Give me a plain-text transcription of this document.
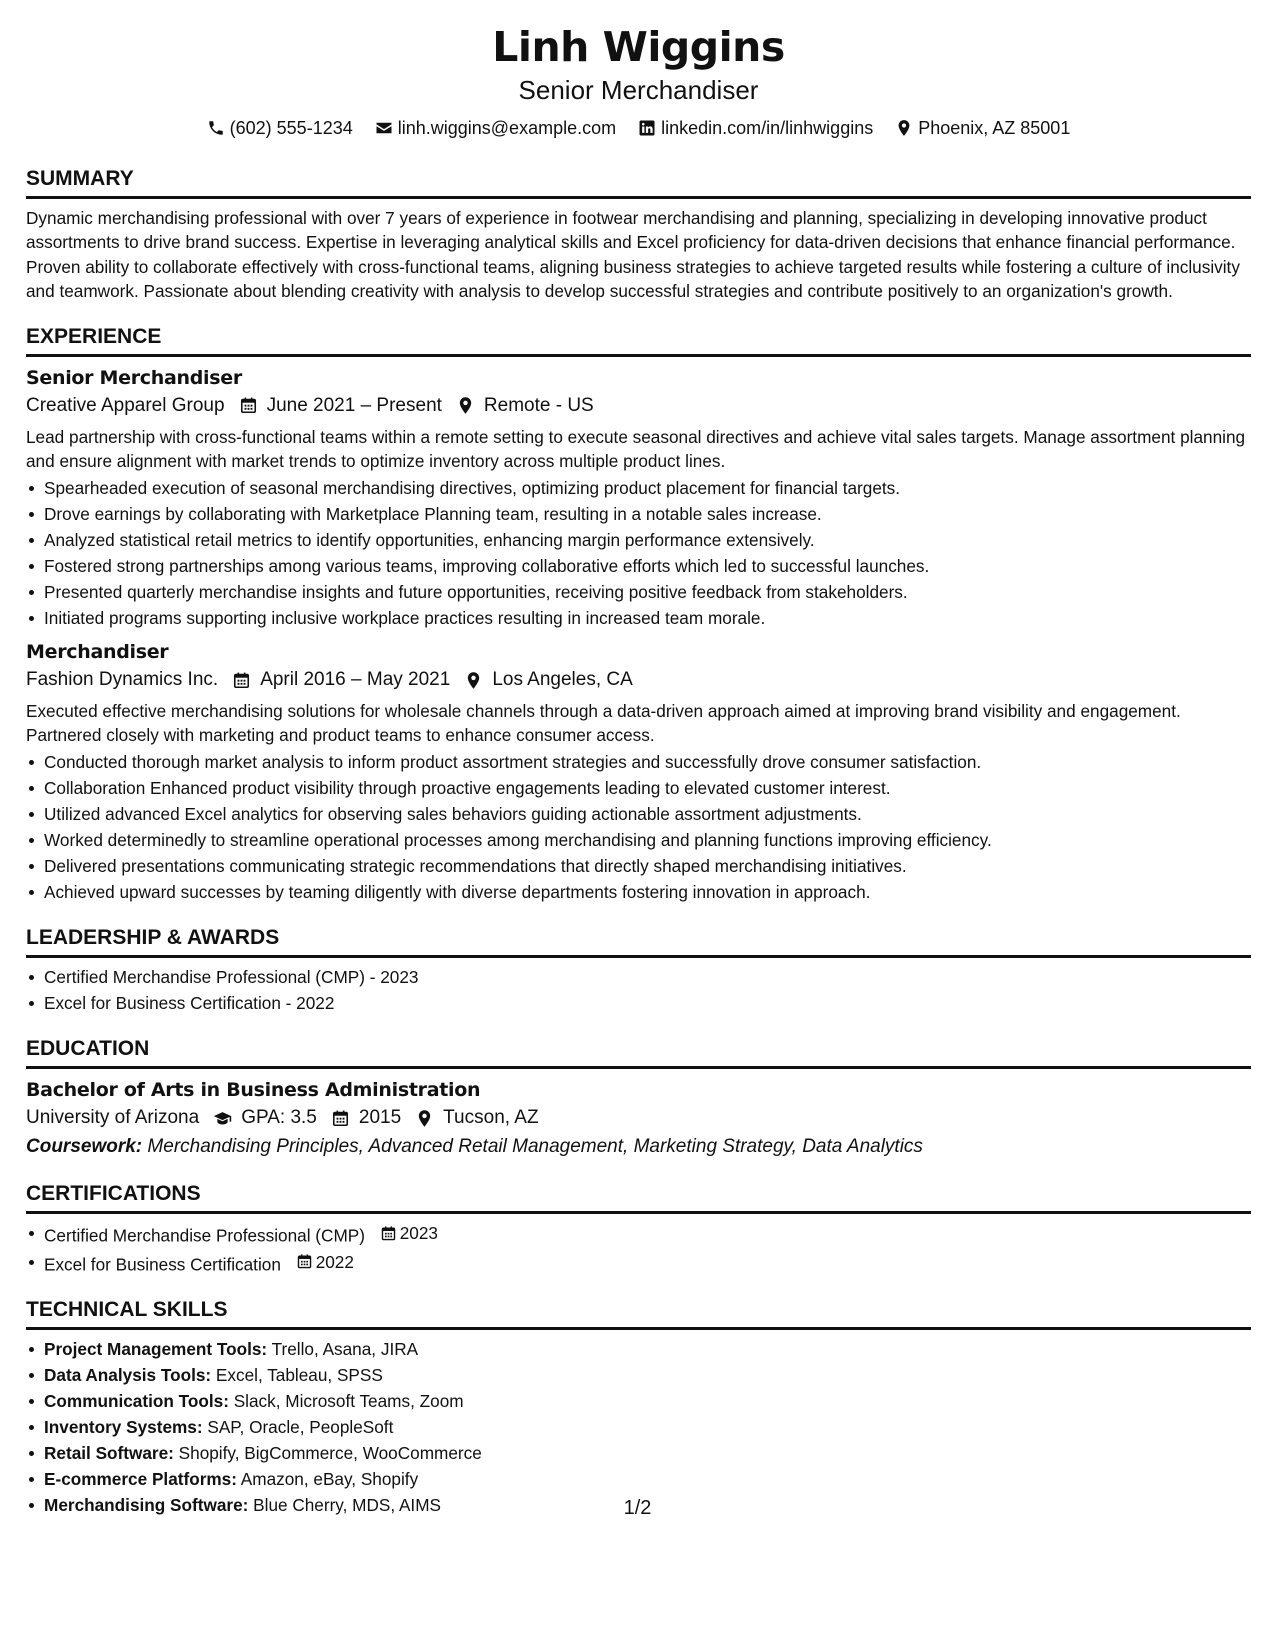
Linh Wiggins
Senior Merchandiser
(602) 555-1234	linh.wiggins@example.com	linkedin.com/in/linhwiggins	Phoenix, AZ 85001
SUMMARY
Dynamic merchandising professional with over 7 years of experience in footwear merchandising and planning, specializing in developing innovative product assortments to drive brand success. Expertise in leveraging analytical skills and Excel proficiency for data-driven decisions that enhance financial performance. Proven ability to collaborate effectively with cross-functional teams, aligning business strategies to achieve targeted results while fostering a culture of inclusivity and teamwork. Passionate about blending creativity with analysis to develop successful strategies and contribute positively to an organization's growth.
EXPERIENCE
Senior Merchandiser
Creative Apparel Group June 2021 – Present Remote - US
Lead partnership with cross-functional teams within a remote setting to execute seasonal directives and achieve vital sales targets. Manage assortment planning and ensure alignment with market trends to optimize inventory across multiple product lines.
Spearheaded execution of seasonal merchandising directives, optimizing product placement for financial targets.
Drove earnings by collaborating with Marketplace Planning team, resulting in a notable sales increase.
Analyzed statistical retail metrics to identify opportunities, enhancing margin performance extensively.
Fostered strong partnerships among various teams, improving collaborative efforts which led to successful launches.
Presented quarterly merchandise insights and future opportunities, receiving positive feedback from stakeholders.
Initiated programs supporting inclusive workplace practices resulting in increased team morale.
Merchandiser
Fashion Dynamics Inc. April 2016 – May 2021 Los Angeles, CA
Executed effective merchandising solutions for wholesale channels through a data-driven approach aimed at improving brand visibility and engagement. Partnered closely with marketing and product teams to enhance consumer access.
Conducted thorough market analysis to inform product assortment strategies and successfully drove consumer satisfaction.
Collaboration Enhanced product visibility through proactive engagements leading to elevated customer interest.
Utilized advanced Excel analytics for observing sales behaviors guiding actionable assortment adjustments.
Worked determinedly to streamline operational processes among merchandising and planning functions improving efficiency.
Delivered presentations communicating strategic recommendations that directly shaped merchandising initiatives.
Achieved upward successes by teaming diligently with diverse departments fostering innovation in approach.
LEADERSHIP & AWARDS
Certified Merchandise Professional (CMP) - 2023
Excel for Business Certification - 2022
EDUCATION
Bachelor of Arts in Business Administration
University of Arizona GPA: 3.5 2015 Tucson, AZ
Coursework: Merchandising Principles, Advanced Retail Management, Marketing Strategy, Data Analytics
CERTIFICATIONS
Certified Merchandise Professional (CMP) 2023
Excel for Business Certification 2022
TECHNICAL SKILLS
Project Management Tools: Trello, Asana, JIRA
Data Analysis Tools: Excel, Tableau, SPSS
Communication Tools: Slack, Microsoft Teams, Zoom
Inventory Systems: SAP, Oracle, PeopleSoft
Retail Software: Shopify, BigCommerce, WooCommerce
E-commerce Platforms: Amazon, eBay, Shopify
Merchandising Software: Blue Cherry, MDS, AIMS	1/2
